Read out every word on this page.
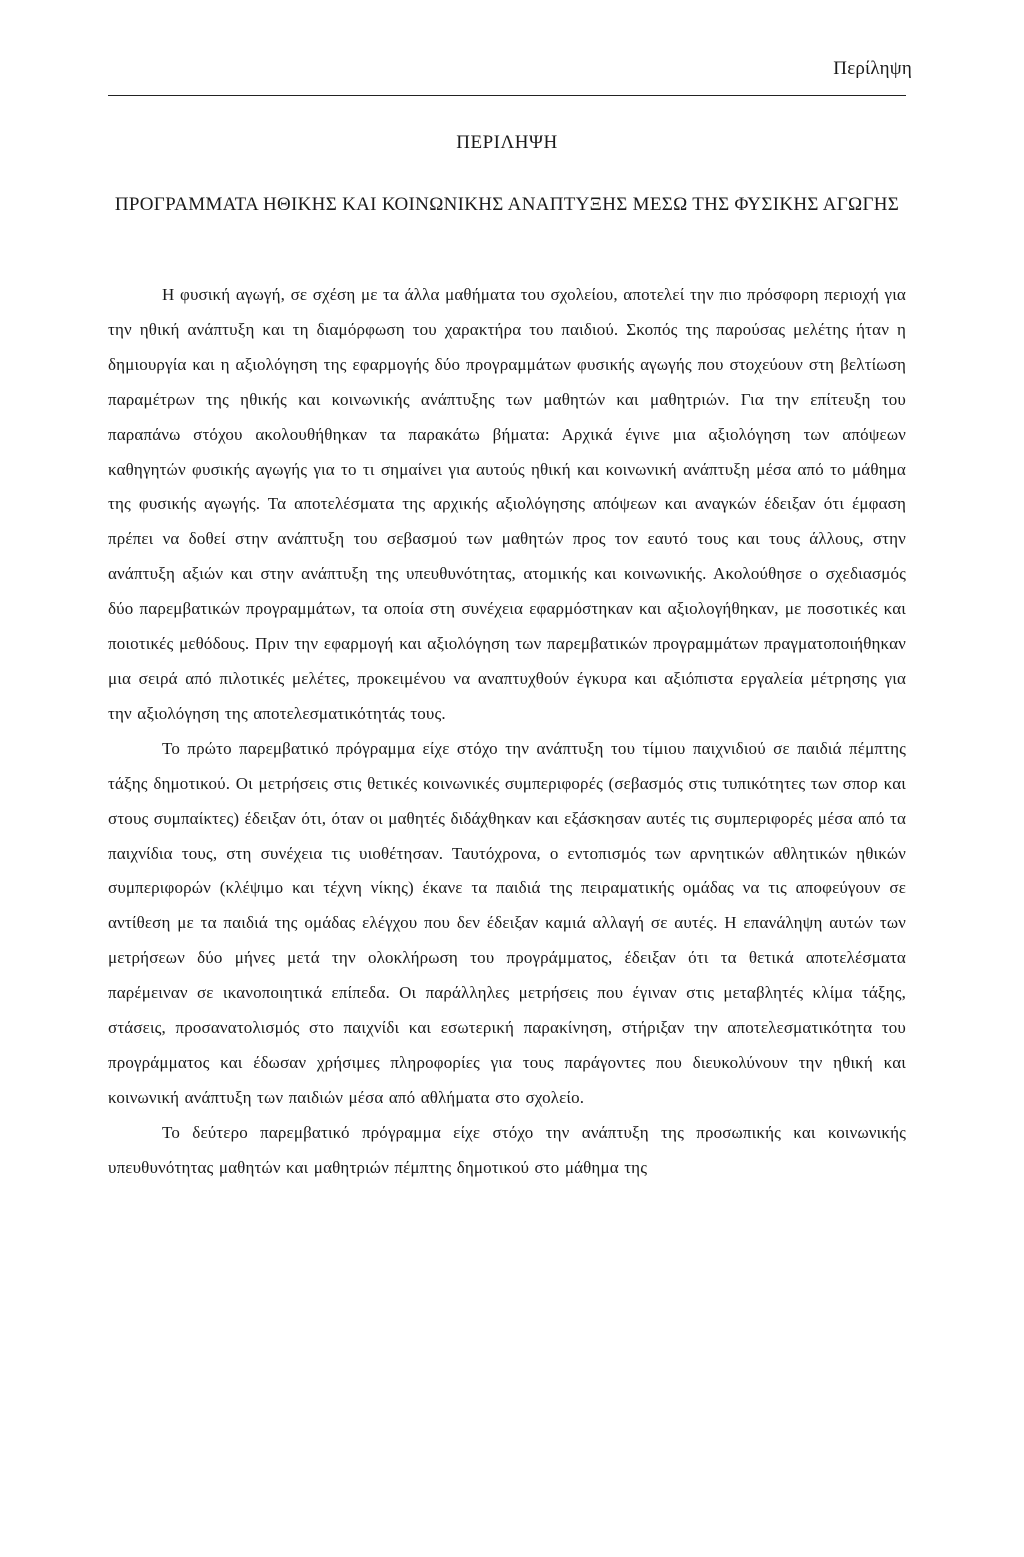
Περίληψη
ΠΕΡΙΛΗΨΗ
ΠΡΟΓΡΑΜΜΑΤΑ ΗΘΙΚΗΣ ΚΑΙ ΚΟΙΝΩΝΙΚΗΣ ΑΝΑΠΤΥΞΗΣ ΜΕΣΩ ΤΗΣ ΦΥΣΙΚΗΣ ΑΓΩΓΗΣ

Η φυσική αγωγή, σε σχέση με τα άλλα μαθήματα του σχολείου, αποτελεί την πιο πρόσφορη περιοχή για την ηθική ανάπτυξη και τη διαμόρφωση του χαρακτήρα του παιδιού. Σκοπός της παρούσας μελέτης ήταν η δημιουργία και η αξιολόγηση της εφαρμογής δύο προγραμμάτων φυσικής αγωγής που στοχεύουν στη βελτίωση παραμέτρων της ηθικής και κοινωνικής ανάπτυξης των μαθητών και μαθητριών. Για την επίτευξη του παραπάνω στόχου ακολουθήθηκαν τα παρακάτω βήματα: Αρχικά έγινε μια αξιολόγηση των απόψεων καθηγητών φυσικής αγωγής για το τι σημαίνει για αυτούς ηθική και κοινωνική ανάπτυξη μέσα από το μάθημα της φυσικής αγωγής. Τα αποτελέσματα της αρχικής αξιολόγησης απόψεων και αναγκών έδειξαν ότι έμφαση πρέπει να δοθεί στην ανάπτυξη του σεβασμού των μαθητών προς τον εαυτό τους και τους άλλους, στην ανάπτυξη αξιών και στην ανάπτυξη της υπευθυνότητας, ατομικής και κοινωνικής. Ακολούθησε ο σχεδιασμός δύο παρεμβατικών προγραμμάτων, τα οποία στη συνέχεια εφαρμόστηκαν και αξιολογήθηκαν, με ποσοτικές και ποιοτικές μεθόδους. Πριν την εφαρμογή και αξιολόγηση των παρεμβατικών προγραμμάτων πραγματοποιήθηκαν μια σειρά από πιλοτικές μελέτες, προκειμένου να αναπτυχθούν έγκυρα και αξιόπιστα εργαλεία μέτρησης για την αξιολόγηση της αποτελεσματικότητάς τους.

Το πρώτο παρεμβατικό πρόγραμμα είχε στόχο την ανάπτυξη του τίμιου παιχνιδιού σε παιδιά πέμπτης τάξης δημοτικού. Οι μετρήσεις στις θετικές κοινωνικές συμπεριφορές (σεβασμός στις τυπικότητες των σπορ και στους συμπαίκτες) έδειξαν ότι, όταν οι μαθητές διδάχθηκαν και εξάσκησαν αυτές τις συμπεριφορές μέσα από τα παιχνίδια τους, στη συνέχεια τις υιοθέτησαν. Ταυτόχρονα, ο εντοπισμός των αρνητικών αθλητικών ηθικών συμπεριφορών (κλέψιμο και τέχνη νίκης) έκανε τα παιδιά της πειραματικής ομάδας να τις αποφεύγουν σε αντίθεση με τα παιδιά της ομάδας ελέγχου που δεν έδειξαν καμιά αλλαγή σε αυτές. Η επανάληψη αυτών των μετρήσεων δύο μήνες μετά την ολοκλήρωση του προγράμματος, έδειξαν ότι τα θετικά αποτελέσματα παρέμειναν σε ικανοποιητικά επίπεδα. Οι παράλληλες μετρήσεις που έγιναν στις μεταβλητές κλίμα τάξης, στάσεις, προσανατολισμός στο παιχνίδι και εσωτερική παρακίνηση, στήριξαν την αποτελεσματικότητα του προγράμματος και έδωσαν χρήσιμες πληροφορίες για τους παράγοντες που διευκολύνουν την ηθική και κοινωνική ανάπτυξη των παιδιών μέσα από αθλήματα στο σχολείο.

Το δεύτερο παρεμβατικό πρόγραμμα είχε στόχο την ανάπτυξη της προσωπικής και κοινωνικής υπευθυνότητας μαθητών και μαθητριών πέμπτης δημοτικού στο μάθημα της
